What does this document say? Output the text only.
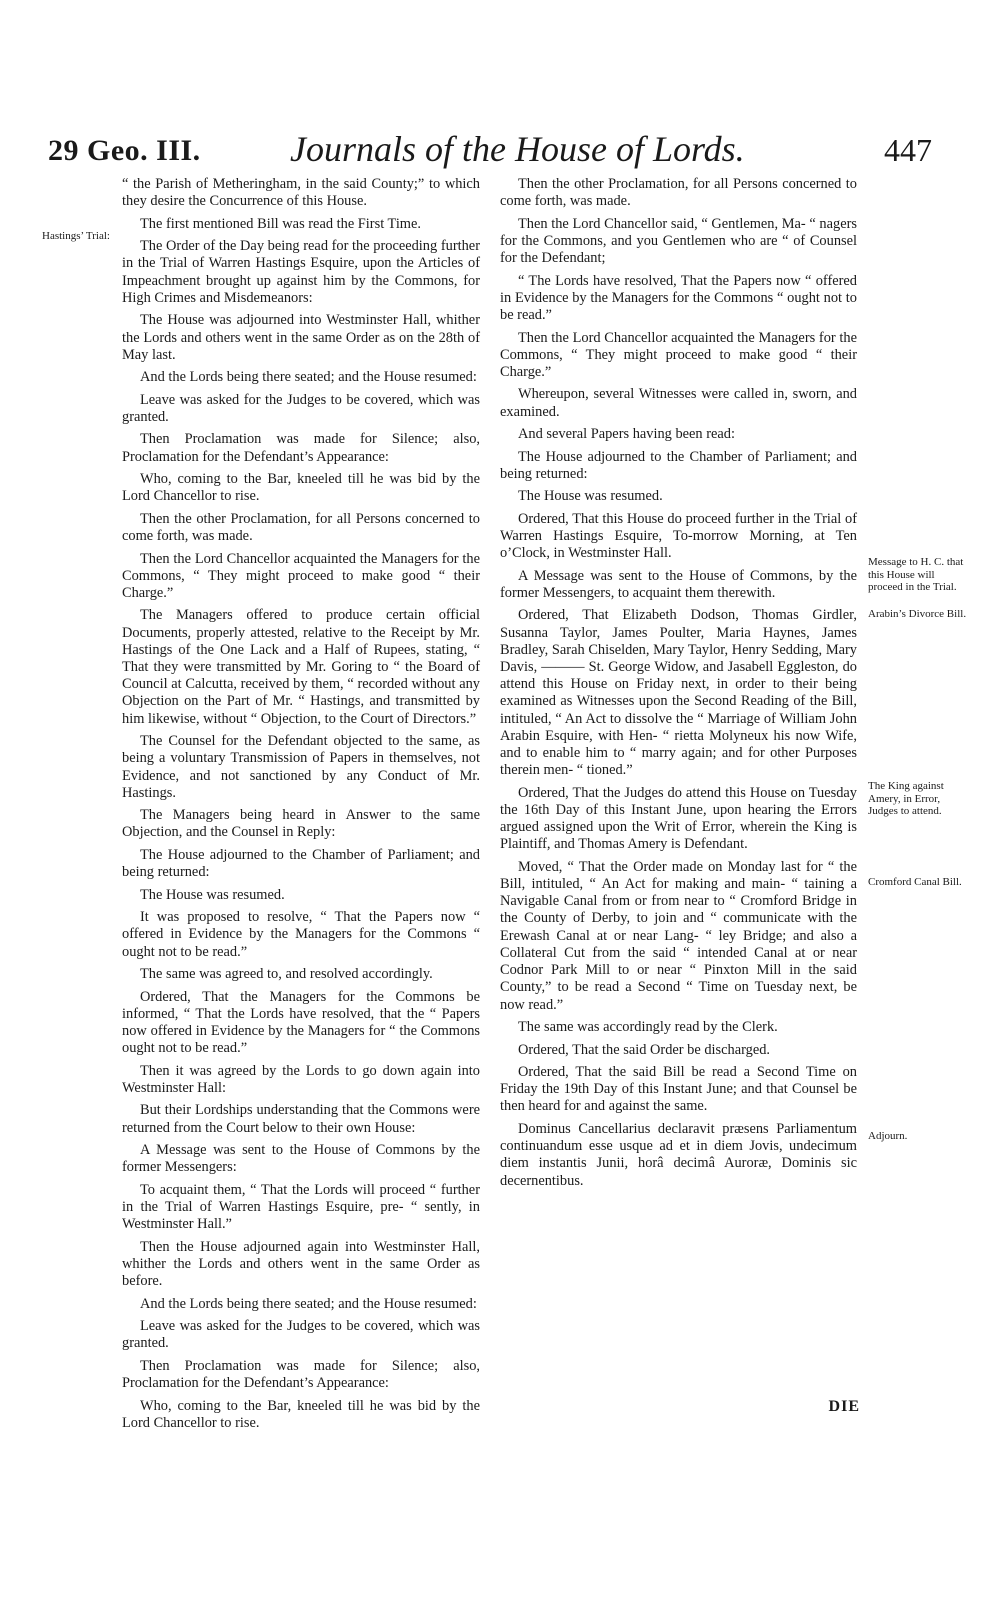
29 Geo. III. Journals of the House of Lords.	447
Hastings’ Trial:

“ the Parish of Metheringham, in the said County;” to which they desire the Concurrence of this House.

The first mentioned Bill was read the First Time.

The Order of the Day being read for the proceeding further in the Trial of Warren Hastings Esquire, upon the Articles of Impeachment brought up against him by the Commons, for High Crimes and Misdemeanors:

The House was adjourned into Westminster Hall, whither the Lords and others went in the same Order as on the 28th of May last.

And the Lords being there seated; and the House resumed:

Leave was asked for the Judges to be covered, which was granted.

Then Proclamation was made for Silence; also, Proclamation for the Defendant’s Appearance:

Who, coming to the Bar, kneeled till he was bid by the Lord Chancellor to rise.

Then the other Proclamation, for all Persons concerned to come forth, was made.

Then the Lord Chancellor acquainted the Managers for the Commons, “ They might proceed to make good “ their Charge.”

The Managers offered to produce certain official Documents, properly attested, relative to the Receipt by Mr. Hastings of the One Lack and a Half of Rupees, stating, “ That they were transmitted by Mr. Goring to “ the Board of Council at Calcutta, received by them, “ recorded without any Objection on the Part of Mr. “ Hastings, and transmitted by him likewise, without “ Objection, to the Court of Directors.”

The Counsel for the Defendant objected to the same, as being a voluntary Transmission of Papers in themselves, not Evidence, and not sanctioned by any Conduct of Mr. Hastings.

The Managers being heard in Answer to the same Objection, and the Counsel in Reply:

The House adjourned to the Chamber of Parliament; and being returned:

The House was resumed.

It was proposed to resolve, “ That the Papers now “ offered in Evidence by the Managers for the Commons “ ought not to be read.”

The same was agreed to, and resolved accordingly.

Ordered, That the Managers for the Commons be informed, “ That the Lords have resolved, that the “ Papers now offered in Evidence by the Managers for “ the Commons ought not to be read.”

Then it was agreed by the Lords to go down again into Westminster Hall:

But their Lordships understanding that the Commons were returned from the Court below to their own House:

A Message was sent to the House of Commons by the former Messengers:

To acquaint them, “ That the Lords will proceed “ further in the Trial of Warren Hastings Esquire, pre- “ sently, in Westminster Hall.”

Then the House adjourned again into Westminster Hall, whither the Lords and others went in the same Order as before.

And the Lords being there seated; and the House resumed:

Leave was asked for the Judges to be covered, which was granted.

Then Proclamation was made for Silence; also, Proclamation for the Defendant’s Appearance:

Who, coming to the Bar, kneeled till he was bid by the Lord Chancellor to rise.

Then the other Proclamation, for all Persons concerned to come forth, was made.

Then the Lord Chancellor said, “ Gentlemen, Ma- “ nagers for the Commons, and you Gentlemen who are “ of Counsel for the Defendant;

“ The Lords have resolved, That the Papers now “ offered in Evidence by the Managers for the Commons “ ought not to be read.”

Then the Lord Chancellor acquainted the Managers for the Commons, “ They might proceed to make good “ their Charge.”

Whereupon, several Witnesses were called in, sworn, and examined.

And several Papers having been read:

The House adjourned to the Chamber of Parliament; and being returned:

The House was resumed.

Ordered, That this House do proceed further in the Trial of Warren Hastings Esquire, To-morrow Morning, at Ten o’Clock, in Westminster Hall.

A Message was sent to the House of Commons, by the former Messengers, to acquaint them therewith.

Ordered, That Elizabeth Dodson, Thomas Girdler, Susanna Taylor, James Poulter, Maria Haynes, James Bradley, Sarah Chiselden, Mary Taylor, Henry Sedding, Mary Davis, ——— St. George Widow, and Jasabell Eggleston, do attend this House on Friday next, in order to their being examined as Witnesses upon the Second Reading of the Bill, intituled, “ An Act to dissolve the “ Marriage of William John Arabin Esquire, with Hen- “ rietta Molyneux his now Wife, and to enable him to “ marry again; and for other Purposes therein men- “ tioned.”

Ordered, That the Judges do attend this House on Tuesday the 16th Day of this Instant June, upon hearing the Errors argued assigned upon the Writ of Error, wherein the King is Plaintiff, and Thomas Amery is Defendant.

Moved, “ That the Order made on Monday last for “ the Bill, intituled, “ An Act for making and main- “ taining a Navigable Canal from or from near to “ Cromford Bridge in the County of Derby, to join and “ communicate with the Erewash Canal at or near Lang- “ ley Bridge; and also a Collateral Cut from the said “ intended Canal at or near Codnor Park Mill to or near “ Pinxton Mill in the said County,” to be read a Second “ Time on Tuesday next, be now read.”

The same was accordingly read by the Clerk.

Ordered, That the said Order be discharged.

Ordered, That the said Bill be read a Second Time on Friday the 19th Day of this Instant June; and that Counsel be then heard for and against the same.

Dominus Cancellarius declaravit præsens Parliamentum continuandum esse usque ad et in diem Jovis, undecimum diem instantis Junii, horâ decimâ Auroræ, Dominis sic decernentibus.

Message to H. C. that this House will proceed in the Trial.
Arabin’s Divorce Bill.
The King against Amery, in Error, Judges to attend.
Cromford Canal Bill.
Adjourn.
DIE
